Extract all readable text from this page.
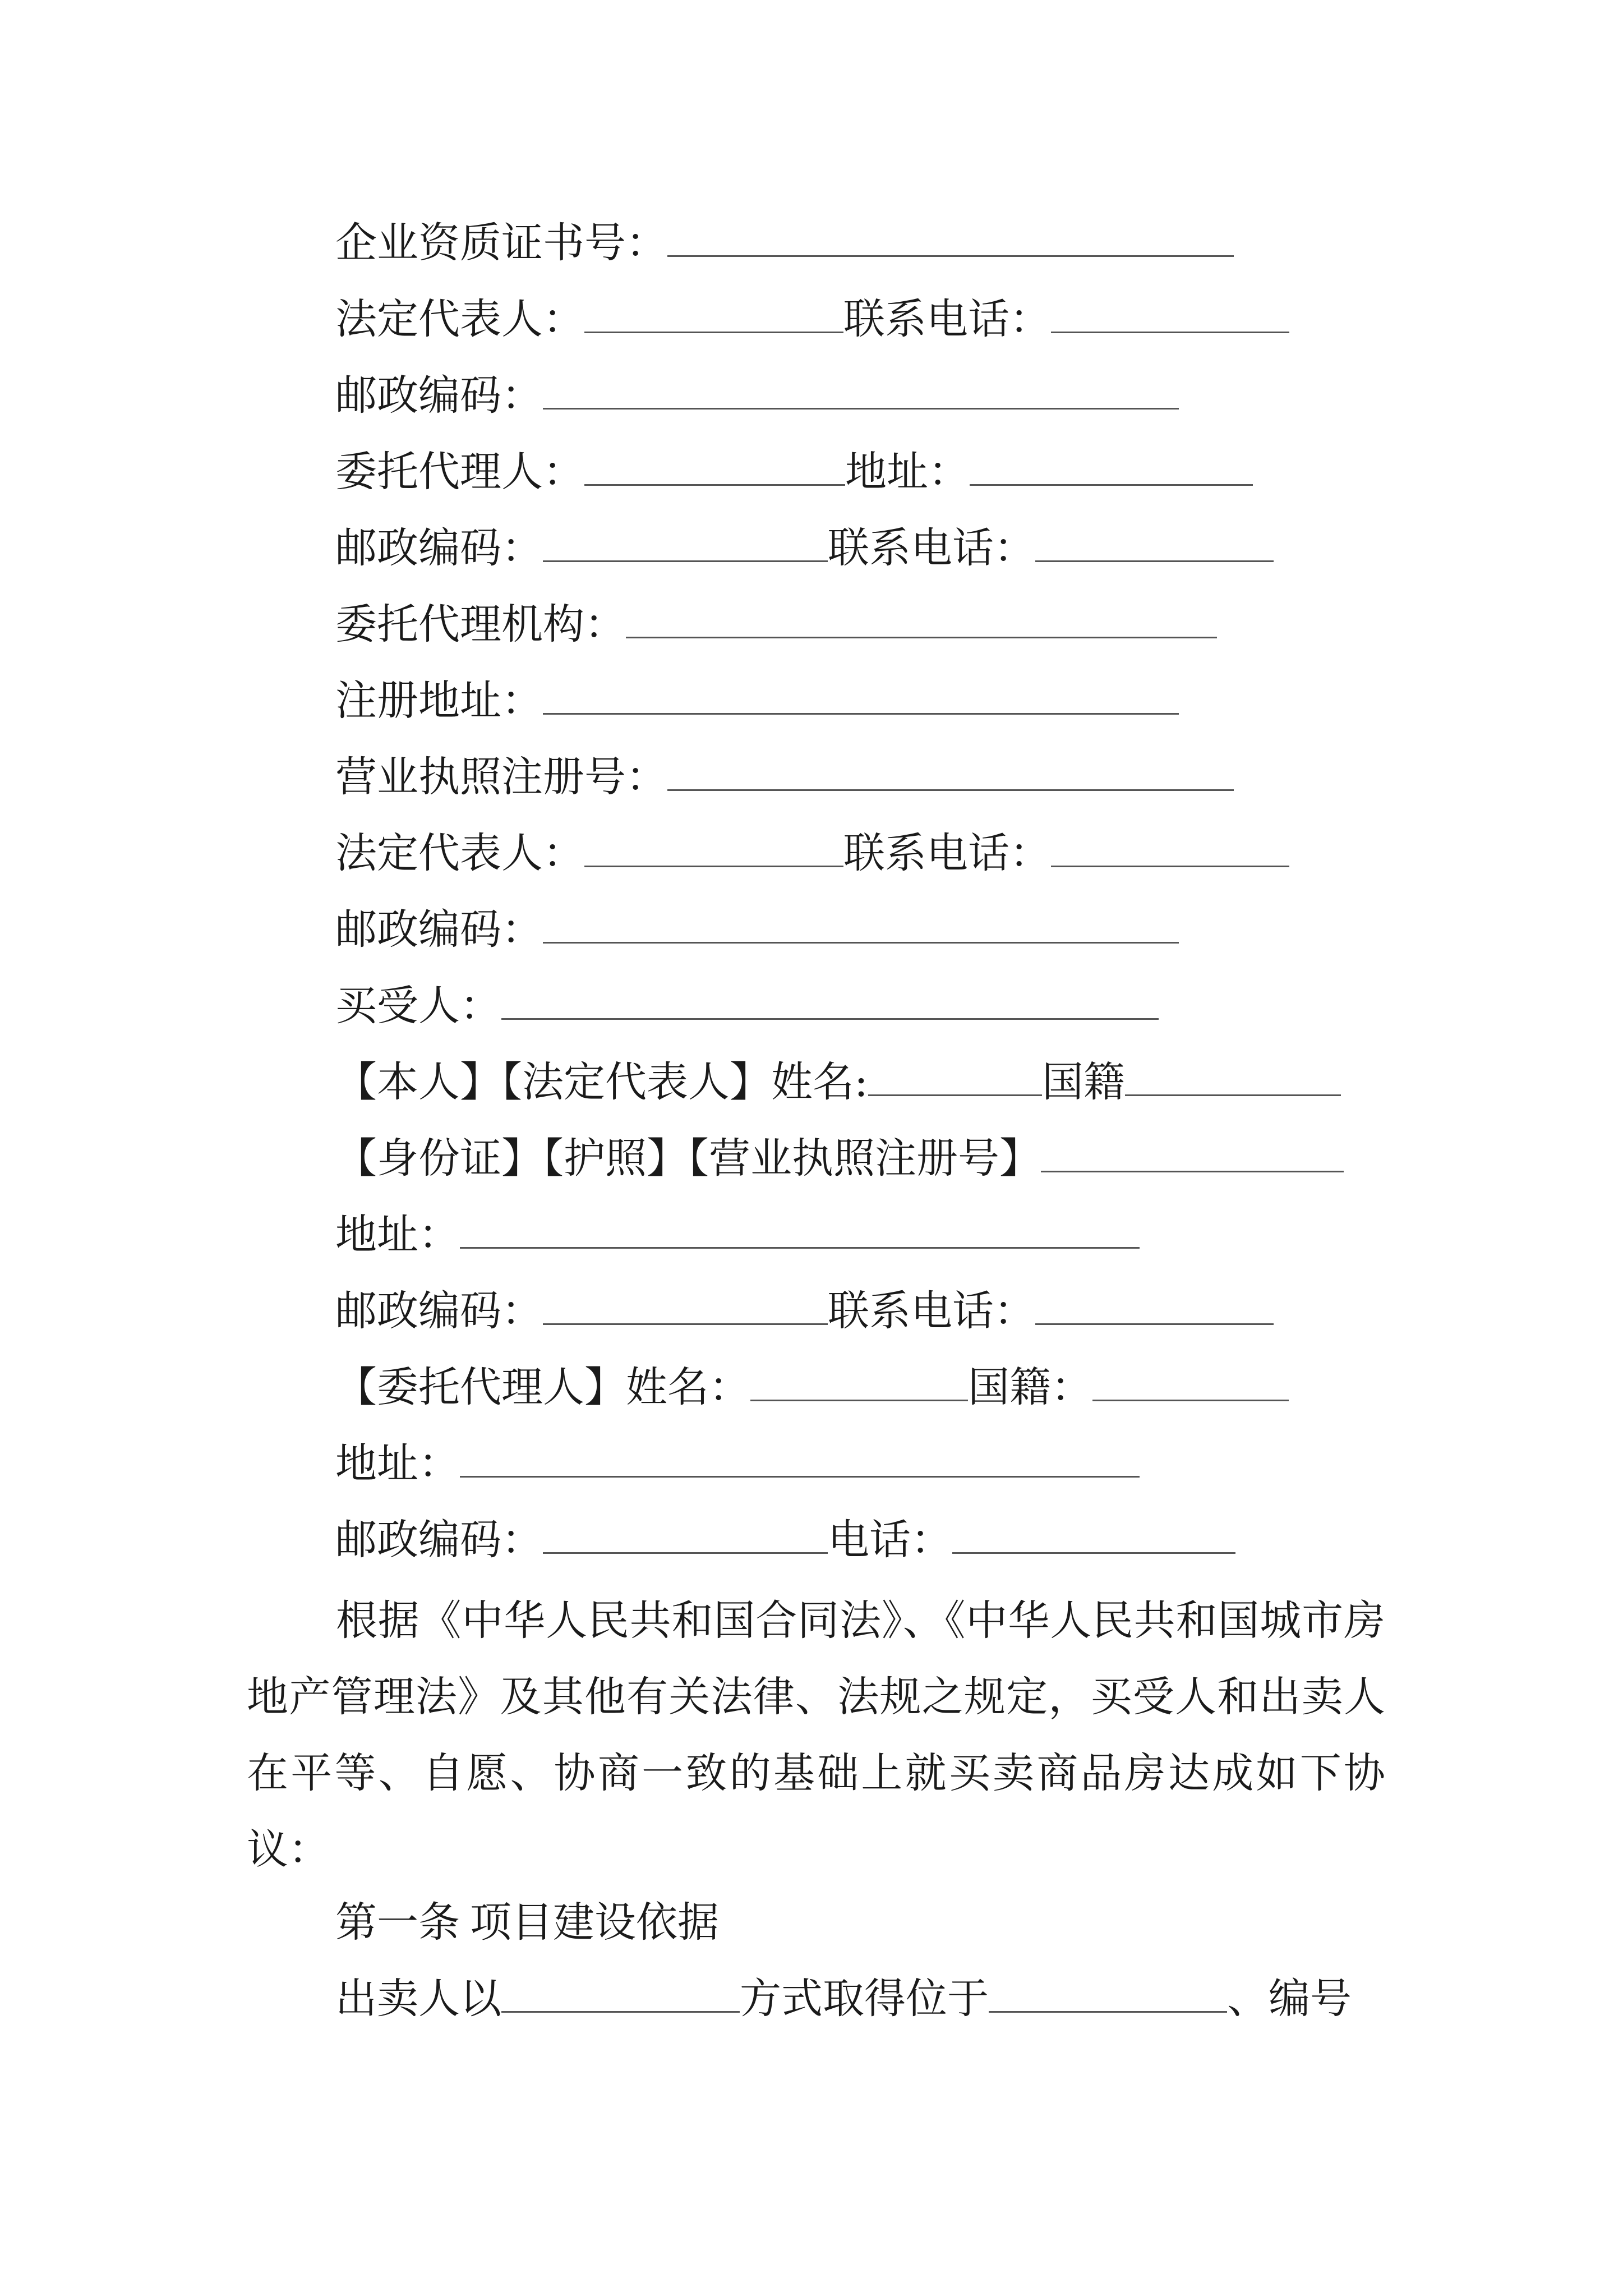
企业资质证书号：
法定代表人：	联系电话：
邮政编码：
委托代理人：	地址：
邮政编码：	联系电话：
委托代理机构：
注册地址：
营业执照注册号：
法定代表人：	联系电话：
邮政编码：
买受人：
【本人】【法定代表人】姓名:	国籍
【身份证】【护照】【营业执照注册号】
地址：
邮政编码：	联系电话：
【委托代理人】姓名：	国籍：
地址：
邮政编码：	电话：
根据《中华人民共和国合同法》、《中华人民共和国城市房地产管理法》及其他有关法律、法规之规定，买受人和出卖人在平等、自愿、协商一致的基础上就买卖商品房达成如下协议：
第一条 项目建设依据
出卖人以	方式取得位于	、编号
